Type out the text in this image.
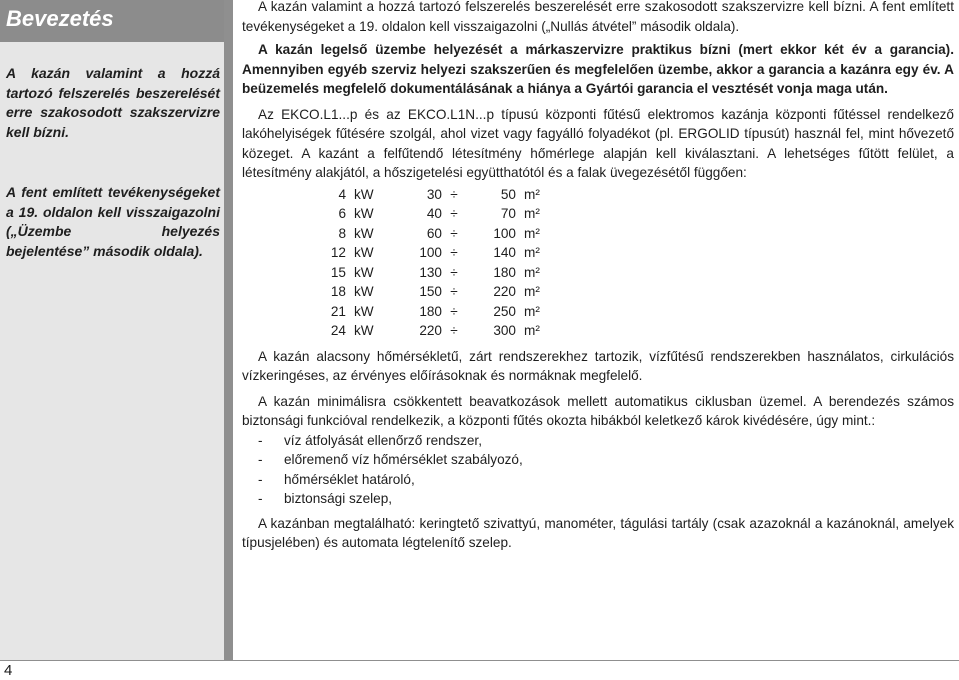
Bevezetés
A kazán valamint a hozzá tartozó felszerelés beszerelését erre szakosodott szakszervizre kell bízni.
A fent említett tevékenységeket a 19. oldalon kell visszaigazolni („Üzembe helyezés bejelentése” második oldala).

A kazán valamint a hozzá tartozó felszerelés beszerelését erre szakosodott szakszervizre kell bízni. A fent említett tevékenységeket a 19. oldalon kell visszaigazolni („Nullás átvétel” második oldala).

A kazán legelső üzembe helyezését a márkaszervizre praktikus bízni (mert ekkor két év a garancia). Amennyiben egyéb szerviz helyezi szakszerűen és megfelelően üzembe, akkor a garancia a kazánra egy év. A beüzemelés megfelelő dokumentálásának a hiánya a Gyártói garancia el vesztését vonja maga után.

Az EKCO.L1...p és az EKCO.L1N...p típusú központi fűtésű elektromos kazánja központi fűtéssel rendelkező lakóhelyiségek fűtésére szolgál, ahol vizet vagy fagyálló folyadékot (pl. ERGOLID típusút) használ fel, mint hővezető közeget. A kazánt a felfűtendő létesítmény hőmérlege alapján kell kiválasztani. A lehetséges fűtött felület, a létesítmény alakjától, a hőszigetelési együtthatótól és a falak üvegezésétől függően:

4	kW	30	÷	50	m²
6	kW	40	÷	70	m²
8	kW	60	÷	100	m²
12	kW	100	÷	140	m²
15	kW	130	÷	180	m²
18	kW	150	÷	220	m²
21	kW	180	÷	250	m²
24	kW	220	÷	300	m²

A kazán alacsony hőmérsékletű, zárt rendszerekhez tartozik, vízfűtésű rendszerekben használatos, cirkulációs vízkeringéses, az érvényes előírásoknak és normáknak megfelelő.

A kazán minimálisra csökkentett beavatkozások mellett automatikus ciklusban üzemel. A berendezés számos biztonsági funkcióval rendelkezik, a központi fűtés okozta hibákból keletkező károk kivédésére, úgy mint.:

- víz átfolyását ellenőrző rendszer,
- előremenő víz hőmérséklet szabályozó,
- hőmérséklet határoló,
- biztonsági szelep,

A kazánban megtalálható: keringtető szivattyú, manométer, tágulási tartály (csak azazoknál a kazánoknál, amelyek típusjelében) és automata légtelenítő szelep.

4
